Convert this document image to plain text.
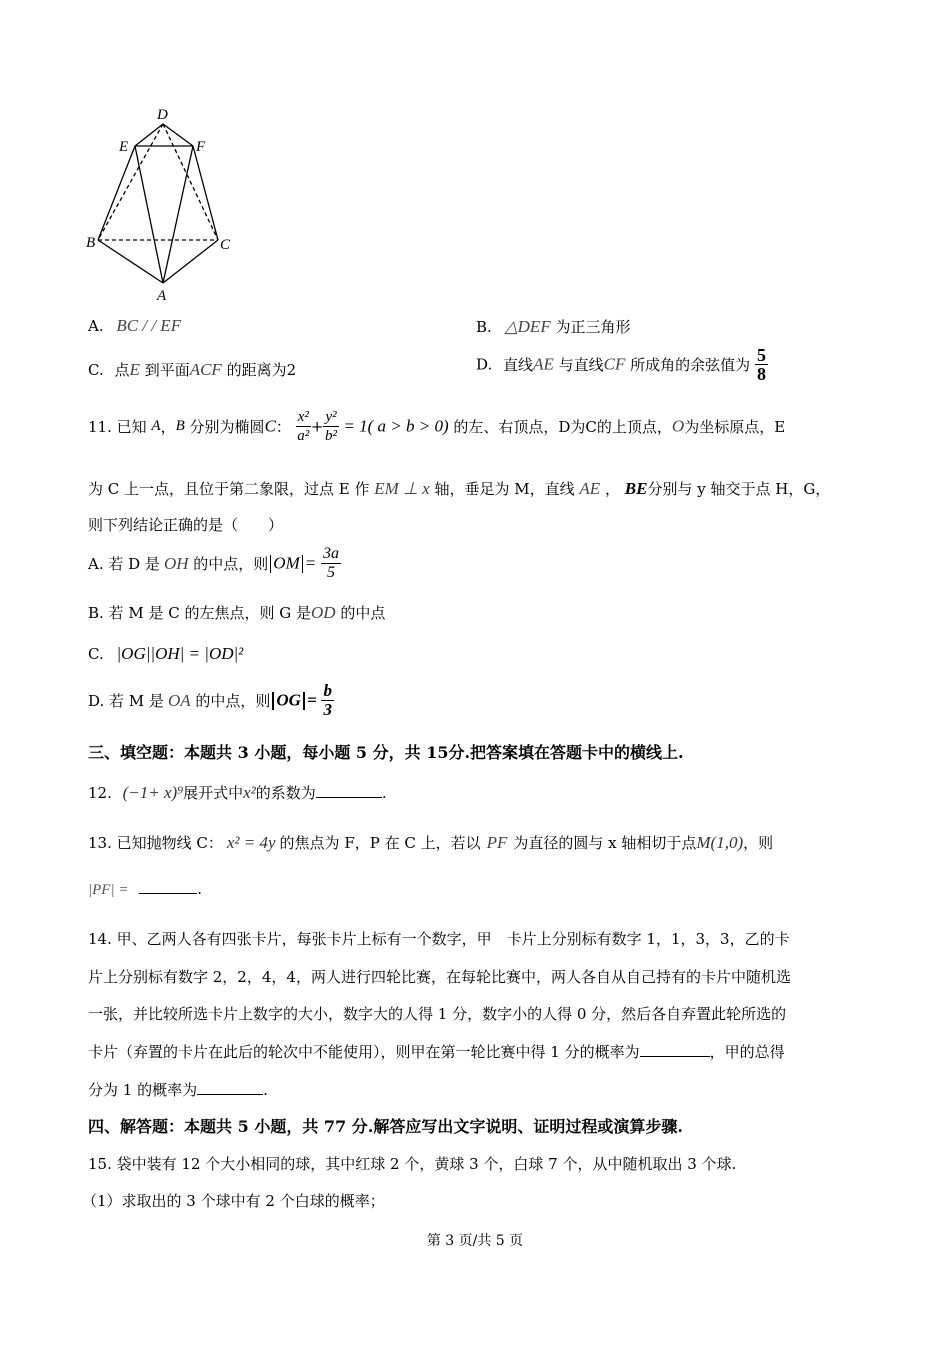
D
E	F
B	C
A
A. BC / / EF	B. △DEF 为正三角形
C. 点E 到平面ACF 的距离为2	D. 直线AE 与直线CF 所成角的余弦值为 $\frac{5}{8}$
11. 已知 A，B 分别为椭圆C： $\frac{\text{x²}}{\text{a²}} + \frac{\text{y²}}{\text{b²}} = 1$( a > b > 0) 的左、右顶点，D为C的上顶点，O为坐标原点，E
为 C 上一点，且位于第二象限，过点 E 作 EM ⊥ x 轴，垂足为 M，直线 AE ， BE分别与 y 轴交于点 H，G，
则下列结论正确的是（　　）
A. 若 D 是 OH 的中点，则 OM = $\frac{3a}{5}$
B. 若 M 是 C 的左焦点，则 G 是OD 的中点
C. |OG||OH| = |OD|²
D. 若 M 是 OA 的中点，则 OG = $\frac{b}{3}$
三、填空题：本题共 3 小题，每小题 5 分，共 15分.把答案填在答题卡中的横线上.
12. (−1+ x)⁹展开式中x²的系数为	.
13. 已知抛物线 C： x² = 4y 的焦点为 F，P 在 C 上，若以 PF 为直径的圆与 x 轴相切于点M(1,0)，则
|PF| =	.
14. 甲、乙两人各有四张卡片，每张卡片上标有一个数字，甲　卡片上分别标有数字 1，1，3，3，乙的卡
片上分别标有数字 2，2，4，4，两人进行四轮比赛，在每轮比赛中，两人各自从自己持有的卡片中随机选
一张，并比较所选卡片上数字的大小，数字大的人得 1 分，数字小的人得 0 分，然后各自弃置此轮所选的
卡片（弃置的卡片在此后的轮次中不能使用），则甲在第一轮比赛中得 1 分的概率为	，甲的总得
分为 1 的概率为	.
四、解答题：本题共 5 小题，共 77 分.解答应写出文字说明、证明过程或演算步骤.
15. 袋中装有 12 个大小相同的球，其中红球 2 个，黄球 3 个，白球 7 个，从中随机取出 3 个球.
（1）求取出的 3 个球中有 2 个白球的概率；
第 3 页/共 5 页
